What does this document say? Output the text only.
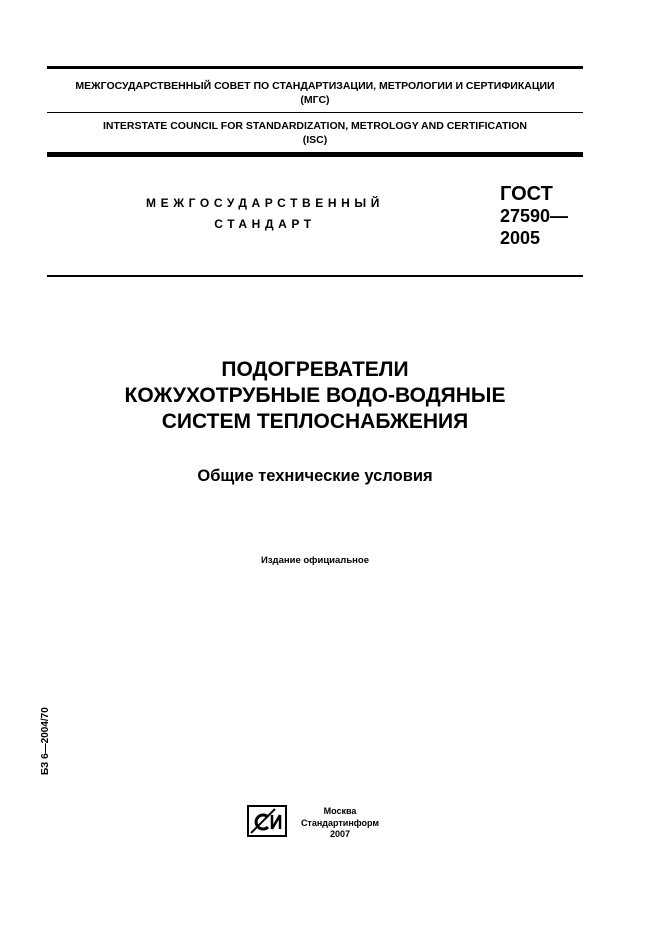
МЕЖГОСУДАРСТВЕННЫЙ СОВЕТ ПО СТАНДАРТИЗАЦИИ, МЕТРОЛОГИИ И СЕРТИФИКАЦИИ
(МГС)
INTERSTATE COUNCIL FOR STANDARDIZATION, METROLOGY AND CERTIFICATION
(ISC)
МЕЖГОСУДАРСТВЕННЫЙ
СТАНДАРТ
ГОСТ
27590—
2005
ПОДОГРЕВАТЕЛИ
КОЖУХОТРУБНЫЕ ВОДО-ВОДЯНЫЕ
СИСТЕМ ТЕПЛОСНАБЖЕНИЯ
Общие технические условия
Издание официальное
БЗ 6—2004/70
Москва
Стандартинформ
2007
